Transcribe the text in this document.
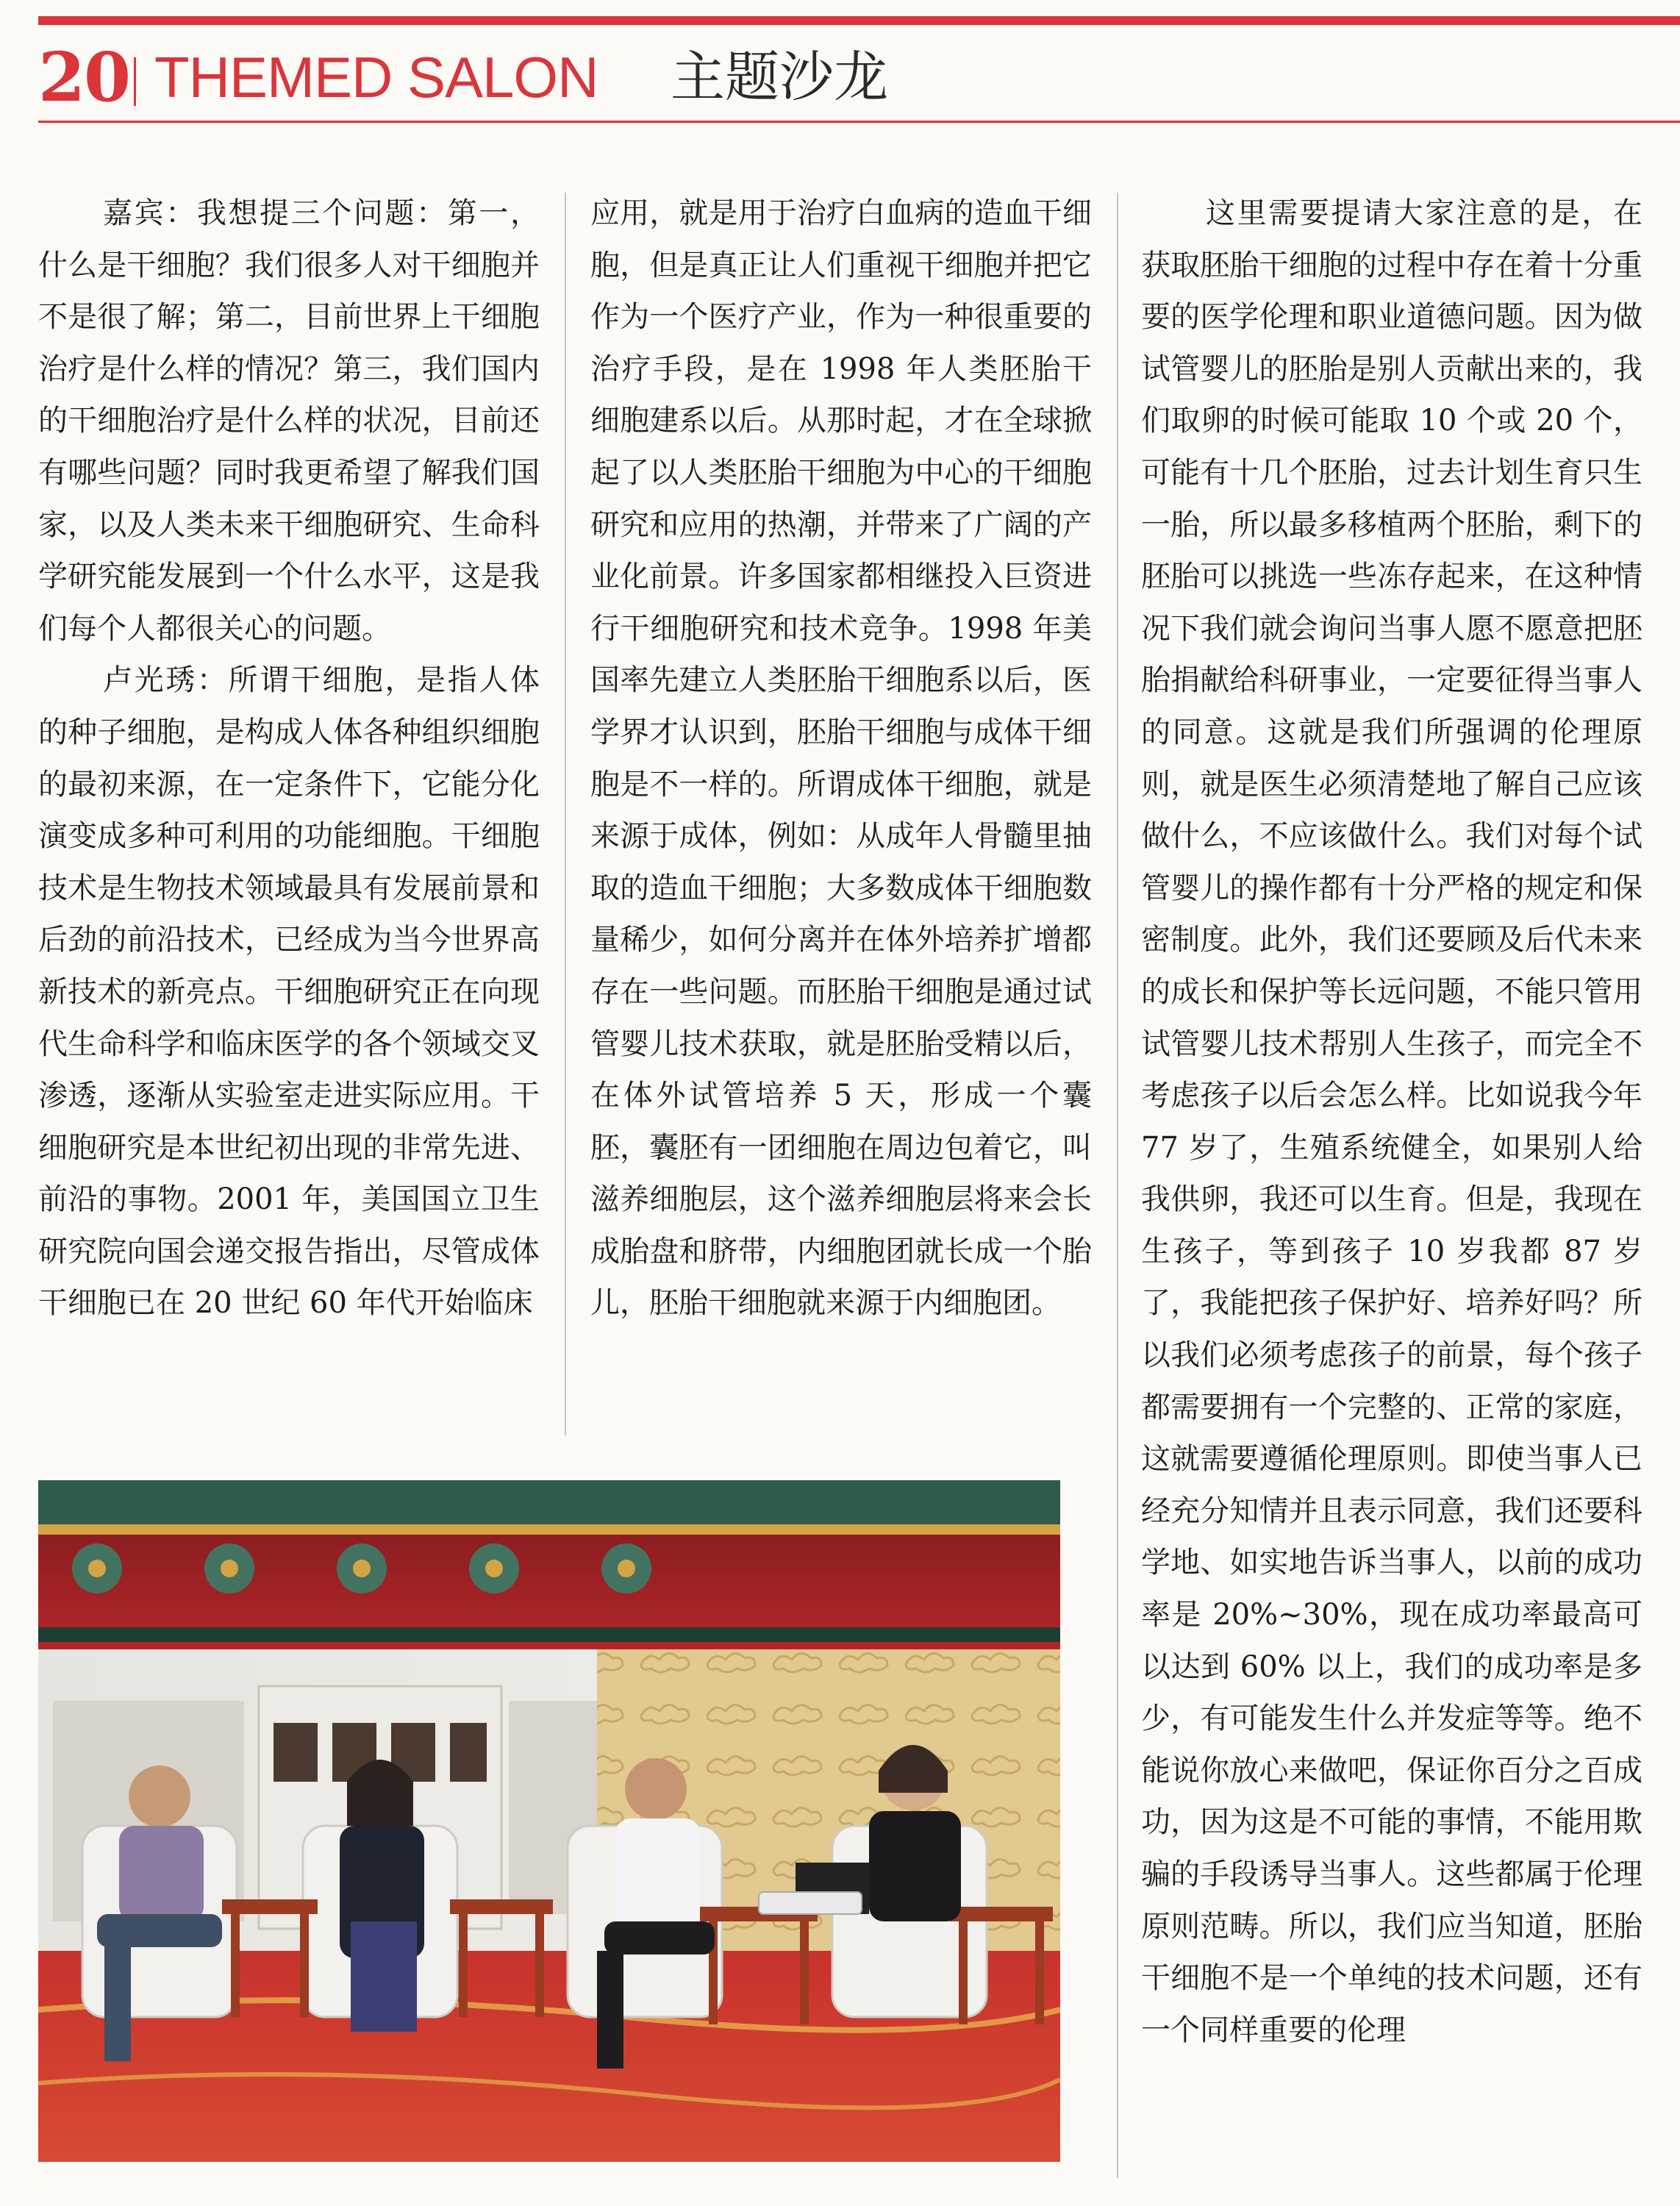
20 THEMED SALON 主题沙龙

嘉宾：我想提三个问题：第一，什么是干细胞？我们很多人对干细胞并不是很了解；第二，目前世界上干细胞治疗是什么样的情况？第三，我们国内的干细胞治疗是什么样的状况，目前还有哪些问题？同时我更希望了解我们国家，以及人类未来干细胞研究、生命科学研究能发展到一个什么水平，这是我们每个人都很关心的问题。

卢光琇：所谓干细胞，是指人体的种子细胞，是构成人体各种组织细胞的最初来源，在一定条件下，它能分化演变成多种可利用的功能细胞。干细胞技术是生物技术领域最具有发展前景和后劲的前沿技术，已经成为当今世界高新技术的新亮点。干细胞研究正在向现代生命科学和临床医学的各个领域交叉渗透，逐渐从实验室走进实际应用。干细胞研究是本世纪初出现的非常先进、前沿的事物。2001 年，美国国立卫生研究院向国会递交报告指出，尽管成体干细胞已在 20 世纪 60 年代开始临床

应用，就是用于治疗白血病的造血干细胞，但是真正让人们重视干细胞并把它作为一个医疗产业，作为一种很重要的治疗手段，是在 1998 年人类胚胎干细胞建系以后。从那时起，才在全球掀起了以人类胚胎干细胞为中心的干细胞研究和应用的热潮，并带来了广阔的产业化前景。许多国家都相继投入巨资进行干细胞研究和技术竞争。1998 年美国率先建立人类胚胎干细胞系以后，医学界才认识到，胚胎干细胞与成体干细胞是不一样的。所谓成体干细胞，就是来源于成体，例如：从成年人骨髓里抽取的造血干细胞；大多数成体干细胞数量稀少，如何分离并在体外培养扩增都存在一些问题。而胚胎干细胞是通过试管婴儿技术获取，就是胚胎受精以后，在体外试管培养 5 天，形成一个囊胚，囊胚有一团细胞在周边包着它，叫滋养细胞层，这个滋养细胞层将来会长成胎盘和脐带，内细胞团就长成一个胎儿，胚胎干细胞就来源于内细胞团。

这里需要提请大家注意的是，在获取胚胎干细胞的过程中存在着十分重要的医学伦理和职业道德问题。因为做试管婴儿的胚胎是别人贡献出来的，我们取卵的时候可能取 10 个或 20 个，可能有十几个胚胎，过去计划生育只生一胎，所以最多移植两个胚胎，剩下的胚胎可以挑选一些冻存起来，在这种情况下我们就会询问当事人愿不愿意把胚胎捐献给科研事业，一定要征得当事人的同意。这就是我们所强调的伦理原则，就是医生必须清楚地了解自己应该做什么，不应该做什么。我们对每个试管婴儿的操作都有十分严格的规定和保密制度。此外，我们还要顾及后代未来的成长和保护等长远问题，不能只管用试管婴儿技术帮别人生孩子，而完全不考虑孩子以后会怎么样。比如说我今年 77 岁了，生殖系统健全，如果别人给我供卵，我还可以生育。但是，我现在生孩子，等到孩子 10 岁我都 87 岁了，我能把孩子保护好、培养好吗？所以我们必须考虑孩子的前景，每个孩子都需要拥有一个完整的、正常的家庭，这就需要遵循伦理原则。即使当事人已经充分知情并且表示同意，我们还要科学地、如实地告诉当事人，以前的成功率是 20%~30%，现在成功率最高可以达到 60% 以上，我们的成功率是多少，有可能发生什么并发症等等。绝不能说你放心来做吧，保证你百分之百成功，因为这是不可能的事情，不能用欺骗的手段诱导当事人。这些都属于伦理原则范畴。所以，我们应当知道，胚胎干细胞不是一个单纯的技术问题，还有一个同样重要的伦理
